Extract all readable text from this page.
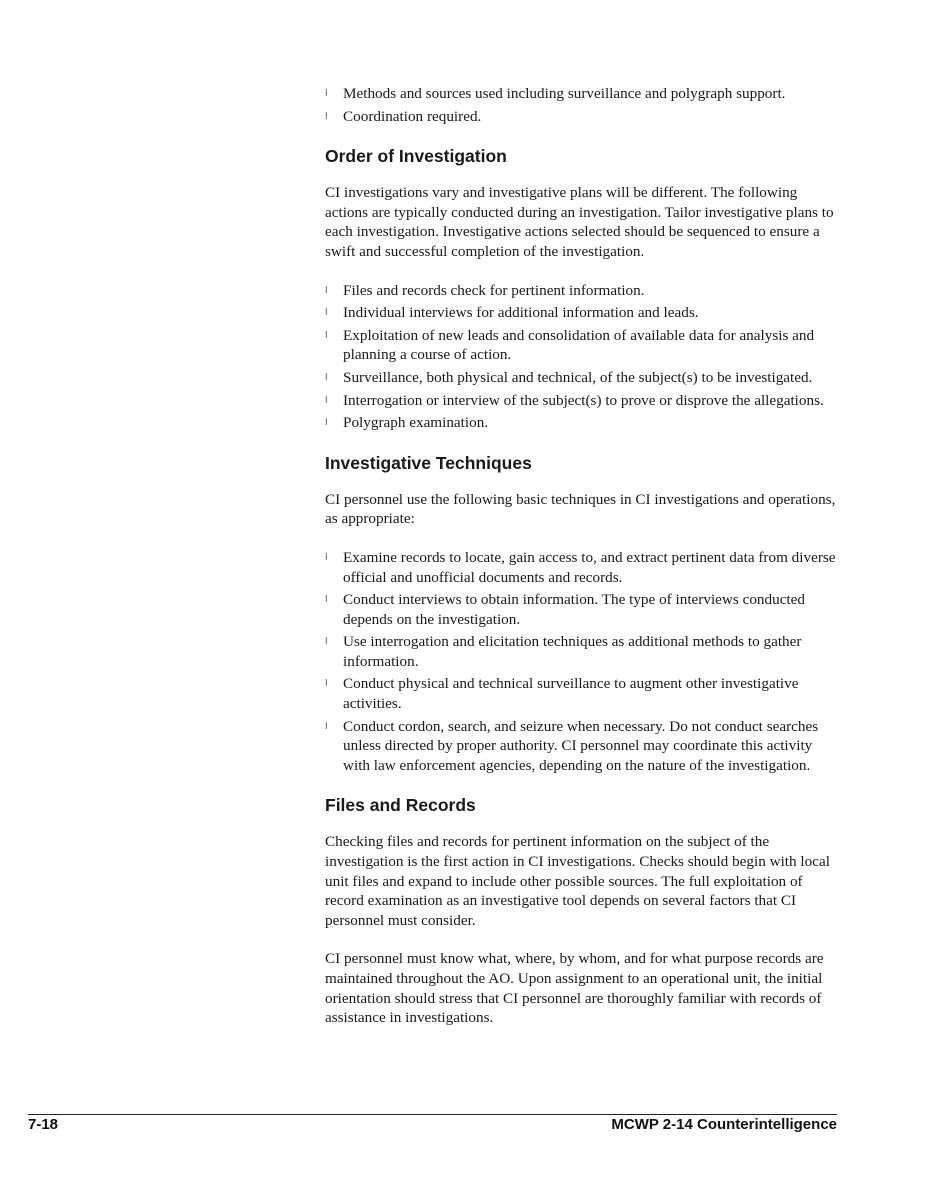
l Methods and sources used including surveillance and polygraph support.
l Coordination required.
Order of Investigation

CI investigations vary and investigative plans will be different. The following actions are typically conducted during an investigation. Tailor investigative plans to each investigation. Investigative actions selected should be sequenced to ensure a swift and successful completion of the investigation.

l Files and records check for pertinent information.
l Individual interviews for additional information and leads.
l Exploitation of new leads and consolidation of available data for analysis and planning a course of action.
l Surveillance, both physical and technical, of the subject(s) to be investigated.
l Interrogation or interview of the subject(s) to prove or disprove the allegations.
l Polygraph examination.
Investigative Techniques

CI personnel use the following basic techniques in CI investigations and operations, as appropriate:

l Examine records to locate, gain access to, and extract pertinent data from diverse official and unofficial documents and records.
l Conduct interviews to obtain information. The type of interviews conducted depends on the investigation.
l Use interrogation and elicitation techniques as additional methods to gather information.
l Conduct physical and technical surveillance to augment other investigative activities.
l Conduct cordon, search, and seizure when necessary. Do not conduct searches unless directed by proper authority. CI personnel may coordinate this activity with law enforcement agencies, depending on the nature of the investigation.
Files and Records

Checking files and records for pertinent information on the subject of the investigation is the first action in CI investigations. Checks should begin with local unit files and expand to include other possible sources. The full exploitation of record examination as an investigative tool depends on several factors that CI personnel must consider.

CI personnel must know what, where, by whom, and for what purpose records are maintained throughout the AO. Upon assignment to an operational unit, the initial orientation should stress that CI personnel are thoroughly familiar with records of assistance in investigations.

7-18	MCWP 2-14 Counterintelligence
